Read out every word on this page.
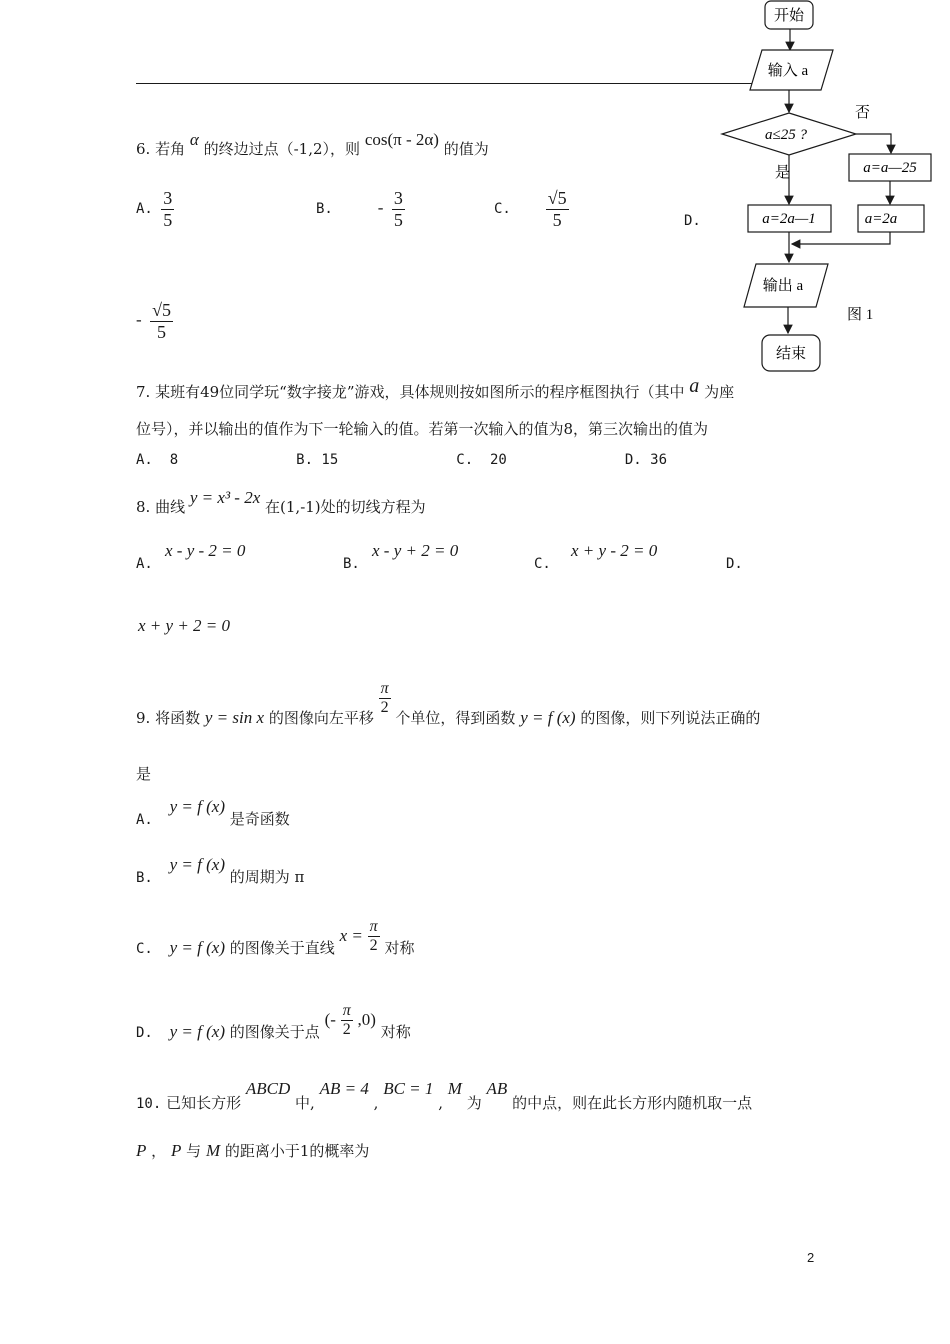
6. 若角 α 的终边过点（-1,2），则 cos(π - 2α) 的值为
A. $\frac{3}{5}$	B.	- $\frac{3}{5}$	C. $\frac{√5}{5}$	D.
- $\frac{√5}{5}$
7. 某班有49位同学玩“数字接龙”游戏，具体规则按如图所示的程序框图执行（其中 a 为座
位号），并以输出的值作为下一轮输入的值。若第一次输入的值为8，第三次输出的值为
A.  8              B. 15              C.  20              D. 36
8. 曲线 y = x³ - 2x 在(1,-1)处的切线方程为
A.
x - y - 2 = 0
B.
x - y + 2 = 0
C.
x + y - 2 = 0
D.
x + y + 2 = 0
9. 将函数 y = sin x 的图像向左平移
$\frac{\pi}{2}$
个单位，得到函数 y = f (x) 的图像，则下列说法正确的
是
A. y = f (x) 是奇函数
B. y = f (x) 的周期为 π
C. y = f (x) 的图像关于直线 $x = \frac{\pi}{2}$ 对称
D. y = f (x) 的图像关于点 (- $\frac{\pi}{2} ,0$) 对称
10. 已知长方形 ABCD 中, AB = 4 , BC = 1 , M 为 AB 的中点，则在此长方形内随机取一点
P ， P 与 M 的距离小于1的概率为
开始
输入 a
a≤25 ?
否
a=a—25
a=2a
是
a=2a—1
输出 a
结束
图 1
2
